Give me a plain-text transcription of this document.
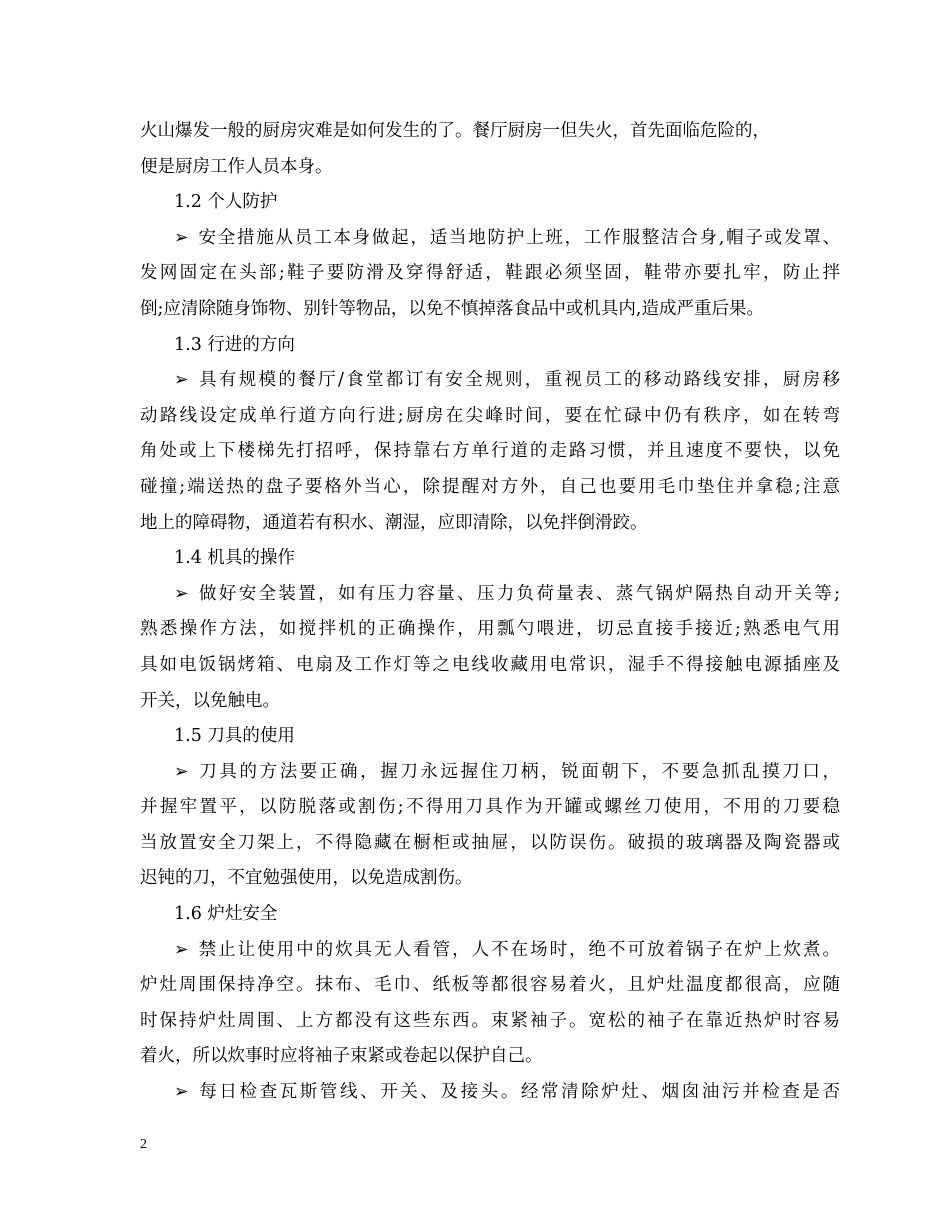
火山爆发一般的厨房灾难是如何发生的了。餐厅厨房一但失火，首先面临危险的，
便是厨房工作人员本身。
1.2 个人防护
➢ 安全措施从员工本身做起，适当地防护上班，工作服整洁合身,帽子或发罩、
发网固定在头部;鞋子要防滑及穿得舒适，鞋跟必须坚固，鞋带亦要扎牢，防止拌
倒;应清除随身饰物、别针等物品，以免不慎掉落食品中或机具内,造成严重后果。
1.3 行进的方向
➢ 具有规模的餐厅/食堂都订有安全规则，重视员工的移动路线安排，厨房移
动路线设定成单行道方向行进;厨房在尖峰时间，要在忙碌中仍有秩序，如在转弯
角处或上下楼梯先打招呼，保持靠右方单行道的走路习惯，并且速度不要快，以免
碰撞;端送热的盘子要格外当心，除提醒对方外，自己也要用毛巾垫住并拿稳;注意
地上的障碍物，通道若有积水、潮湿，应即清除，以免拌倒滑跤。
1.4 机具的操作
➢ 做好安全装置，如有压力容量、压力负荷量表、蒸气锅炉隔热自动开关等;
熟悉操作方法，如搅拌机的正确操作，用瓢勺喂进，切忌直接手接近;熟悉电气用
具如电饭锅烤箱、电扇及工作灯等之电线收藏用电常识，湿手不得接触电源插座及
开关，以免触电。
1.5 刀具的使用
➢ 刀具的方法要正确，握刀永远握住刀柄，锐面朝下，不要急抓乱摸刀口，
并握牢置平，以防脱落或割伤;不得用刀具作为开罐或螺丝刀使用，不用的刀要稳
当放置安全刀架上，不得隐藏在橱柜或抽屉，以防误伤。破损的玻璃器及陶瓷器或
迟钝的刀，不宜勉强使用，以免造成割伤。
1.6 炉灶安全
➢ 禁止让使用中的炊具无人看管，人不在场时，绝不可放着锅子在炉上炊煮。
炉灶周围保持净空。抹布、毛巾、纸板等都很容易着火，且炉灶温度都很高，应随
时保持炉灶周围、上方都没有这些东西。束紧袖子。宽松的袖子在靠近热炉时容易
着火，所以炊事时应将袖子束紧或卷起以保护自己。
➢ 每日检查瓦斯管线、开关、及接头。经常清除炉灶、烟囱油污并检查是否
2
